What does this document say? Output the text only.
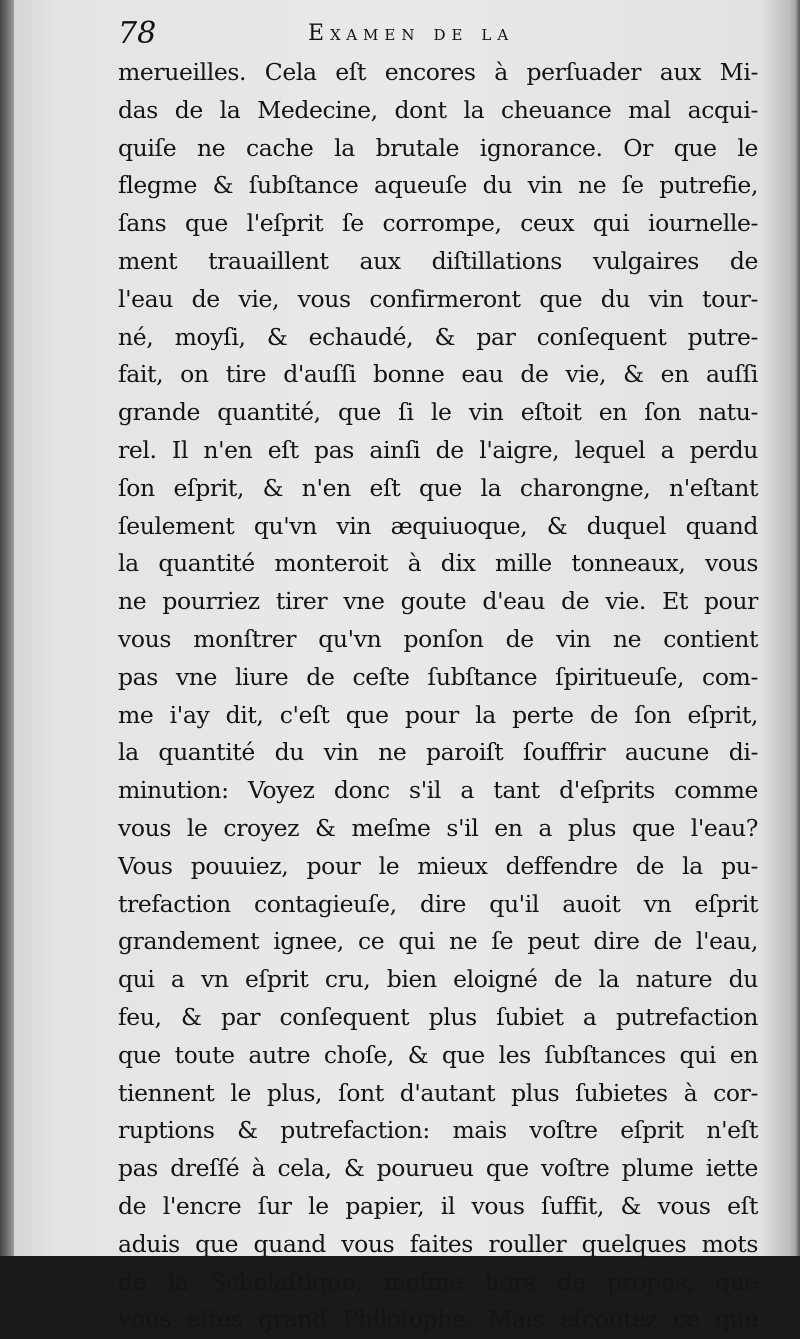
78	Examen de la
merueilles. Cela eſt encores à perſuader aux Mi-
das de la Medecine, dont la cheuance mal acqui-
quiſe ne cache la brutale ignorance. Or que le
flegme & ſubſtance aqueuſe du vin ne ſe putrefie,
ſans que l'eſprit ſe corrompe, ceux qui iournelle-
ment trauaillent aux diſtillations vulgaires de
l'eau de vie, vous confirmeront que du vin tour-
né, moyſi, & echaudé, & par conſequent putre-
fait, on tire d'auſſi bonne eau de vie, & en auſſi
grande quantité, que ſi le vin eſtoit en ſon natu-
rel. Il n'en eſt pas ainſi de l'aigre, lequel a perdu
ſon eſprit, & n'en eſt que la charongne, n'eſtant
ſeulement qu'vn vin æquiuoque, & duquel quand
la quantité monteroit à dix mille tonneaux, vous
ne pourriez tirer vne goute d'eau de vie. Et pour
vous monſtrer qu'vn ponſon de vin ne contient
pas vne liure de ceſte ſubſtance ſpiritueuſe, com-
me i'ay dit, c'eſt que pour la perte de ſon eſprit,
la quantité du vin ne paroiſt ſouffrir aucune di-
minution: Voyez donc s'il a tant d'eſprits comme
vous le croyez & meſme s'il en a plus que l'eau?
Vous pouuiez, pour le mieux deffendre de la pu-
trefaction contagieuſe, dire qu'il auoit vn eſprit
grandement ignee, ce qui ne ſe peut dire de l'eau,
qui a vn eſprit cru, bien eloigné de la nature du
feu, & par conſequent plus ſubiet a putrefaction
que toute autre choſe, & que les ſubſtances qui en
tiennent le plus, ſont d'autant plus ſubietes à cor-
ruptions & putrefaction: mais voſtre eſprit n'eſt
pas dreſſé à cela, & pourueu que voſtre plume iette
de l'encre ſur le papier, il vous ſuffit, & vous eſt
aduis que quand vous faites rouller quelques mots
de la Scholaſtique, meſme hors de propos, que
vous eſtes grand Philoſophe. Mais eſcoutez ce que
